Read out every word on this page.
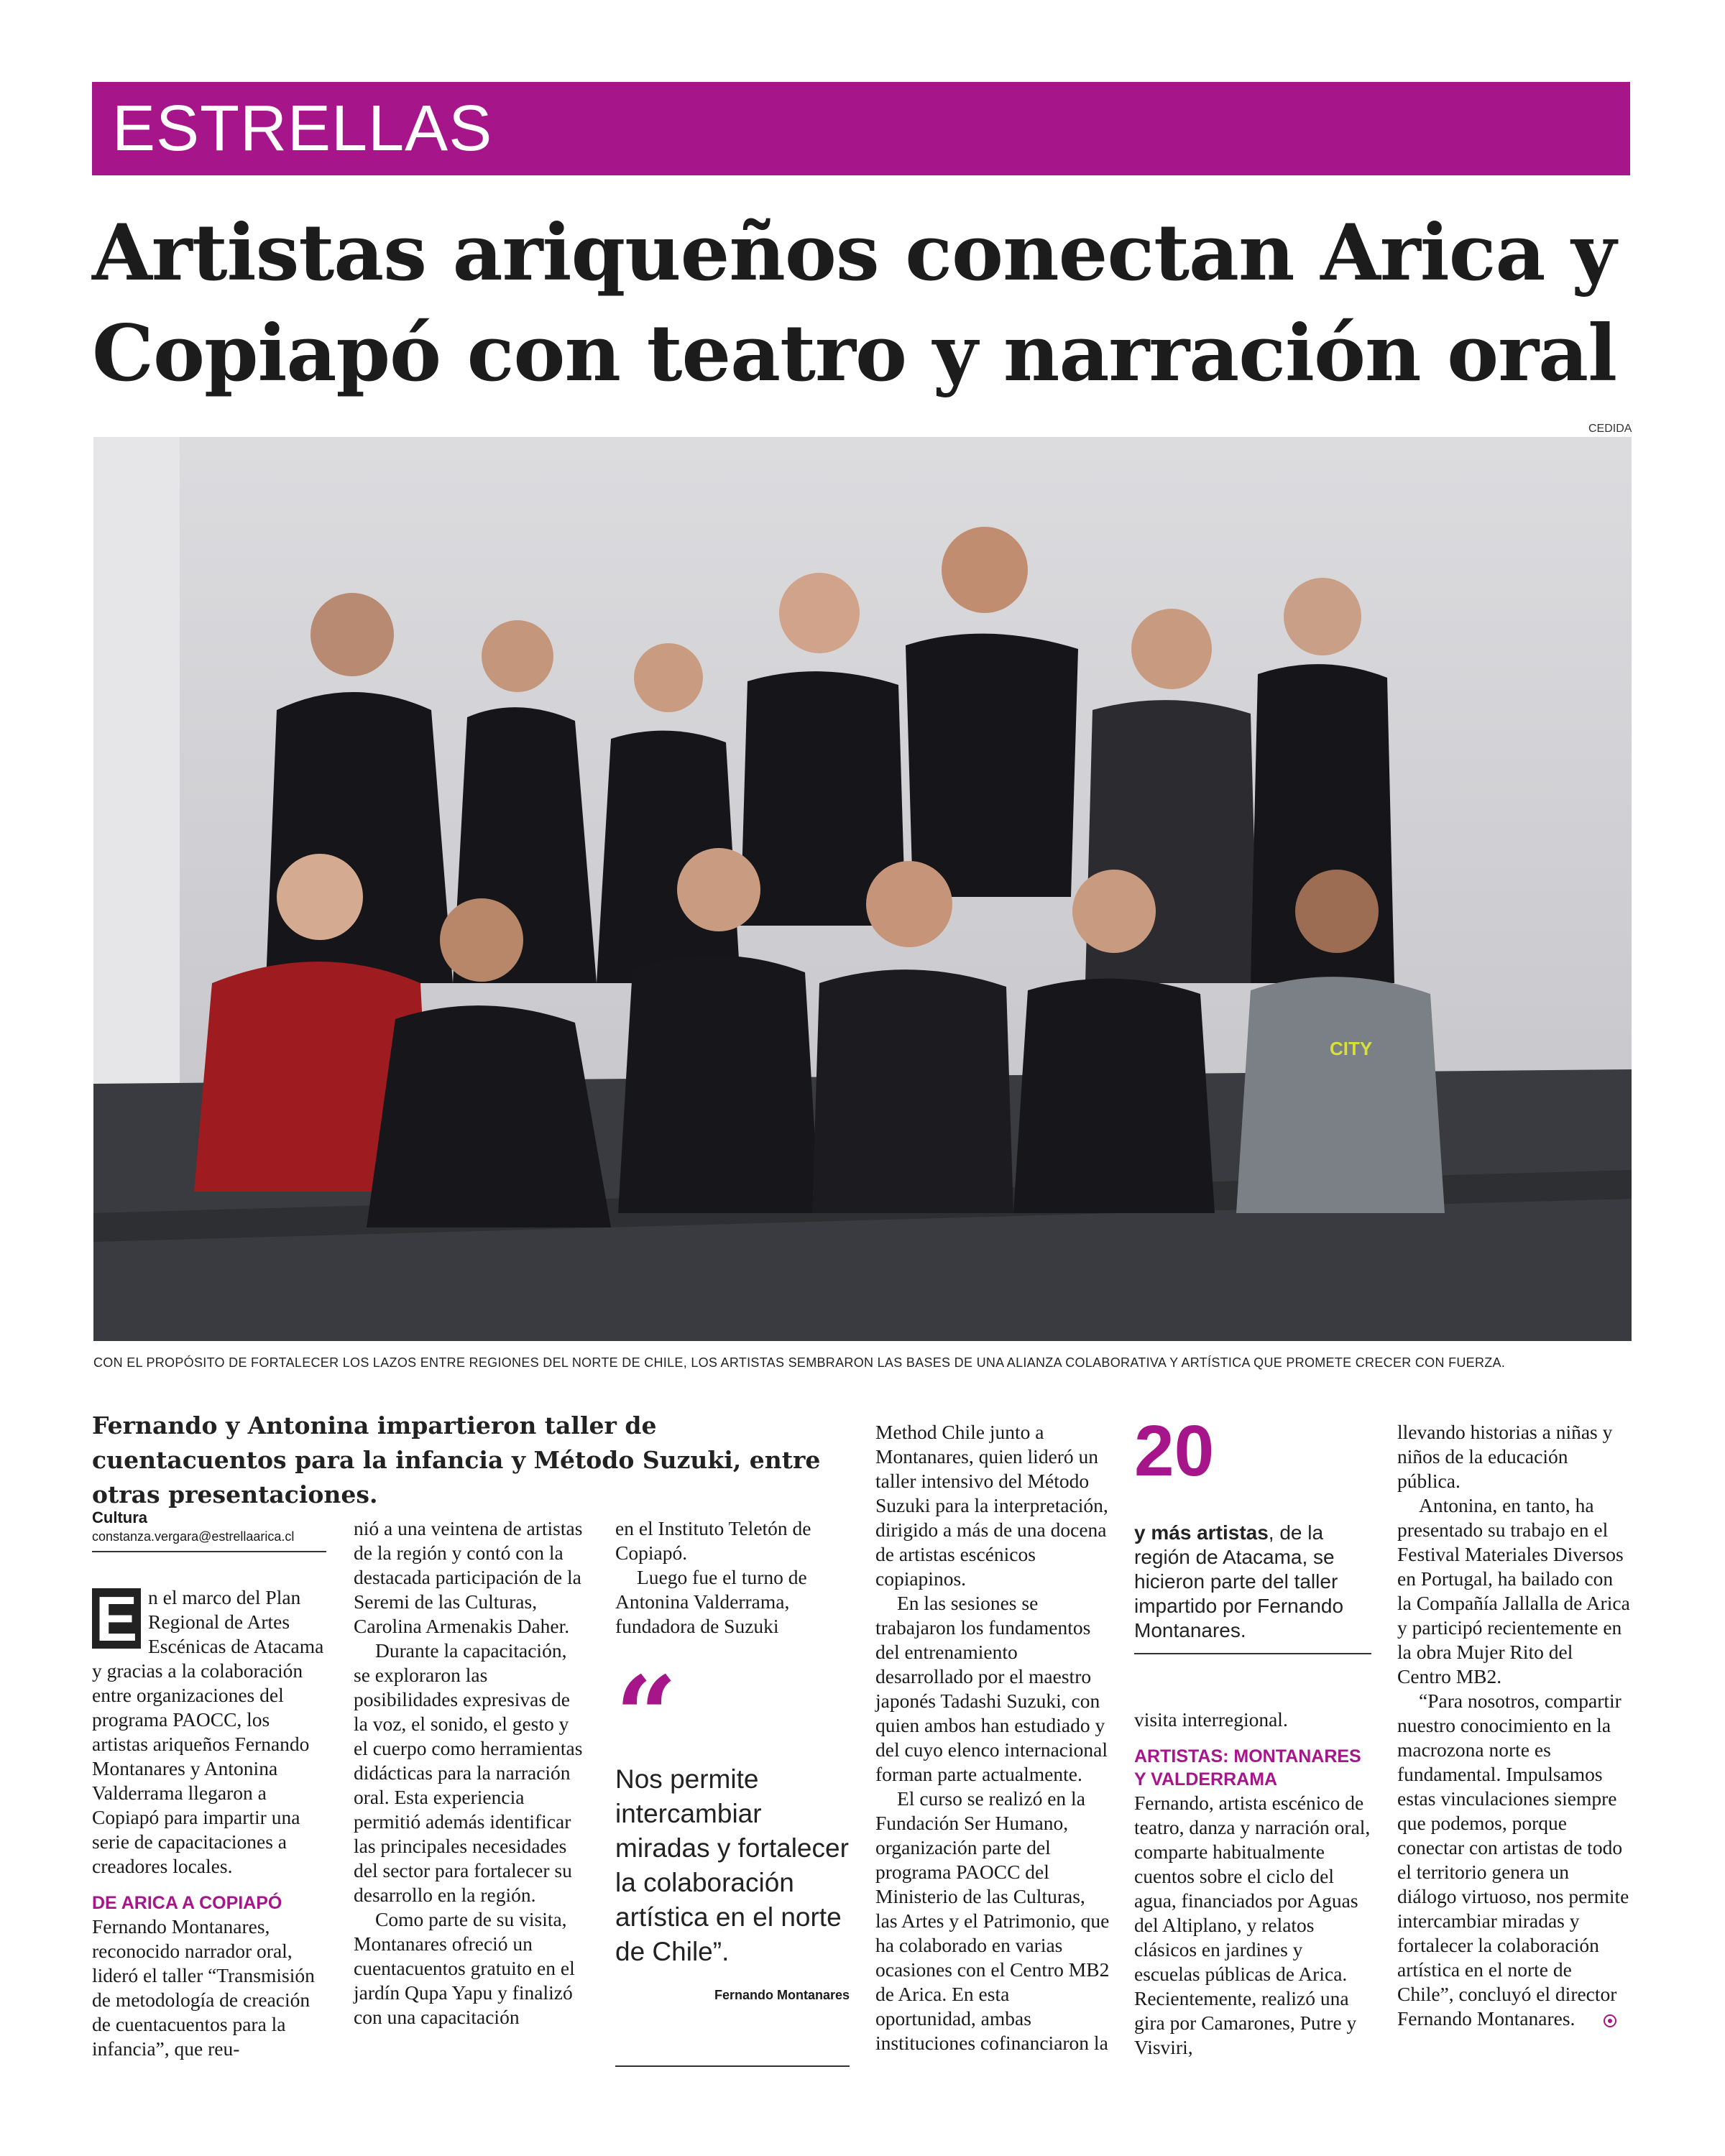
ESTRELLAS
Artistas ariqueños conectan Arica y Copiapó con teatro y narración oral
CEDIDA
CITY
CON EL PROPÓSITO DE FORTALECER LOS LAZOS ENTRE REGIONES DEL NORTE DE CHILE, LOS ARTISTAS SEMBRARON LAS BASES DE UNA ALIANZA COLABORATIVA Y ARTÍSTICA QUE PROMETE CRECER CON FUERZA.
Fernando y Antonina impartieron taller de cuentacuentos para la infancia y Método Suzuki, entre otras presentaciones.
Cultura
constanza.vergara@estrellaarica.cl

E n el marco del Plan Regional de Artes Escénicas de Atacama y gracias a la colaboración entre organizaciones del programa PAOCC, los artistas ariqueños Fernando Montanares y Antonina Valderrama llegaron a Copiapó para impartir una serie de capacitaciones a creadores locales.

DE ARICA A COPIAPÓ

Fernando Montanares, reconocido narrador oral, lideró el taller “Transmisión de metodología de creación de cuentacuentos para la infancia”, que reu-

nió a una veintena de artistas de la región y contó con la destacada participación de la Seremi de las Culturas, Carolina Armenakis Daher.

Durante la capacitación, se exploraron las posibilidades expresivas de la voz, el sonido, el gesto y el cuerpo como herramientas didácticas para la narración oral. Esta experiencia permitió además identificar las principales necesidades del sector para fortalecer su desarrollo en la región.

Como parte de su visita, Montanares ofreció un cuentacuentos gratuito en el jardín Qupa Yapu y finalizó con una capacitación

en el Instituto Teletón de Copiapó.

Luego fue el turno de Antonina Valderrama, fundadora de Suzuki

“
Nos permite intercambiar miradas y fortalecer la colaboración artística en el norte de Chile”.
Fernando Montanares

Method Chile junto a Montanares, quien lideró un taller intensivo del Método Suzuki para la interpretación, dirigido a más de una docena de artistas escénicos copiapinos.

En las sesiones se trabajaron los fundamentos del entrenamiento desarrollado por el maestro japonés Tadashi Suzuki, con quien ambos han estudiado y del cuyo elenco internacional forman parte actualmente.

El curso se realizó en la Fundación Ser Humano, organización parte del programa PAOCC del Ministerio de las Culturas, las Artes y el Patrimonio, que ha colaborado en varias ocasiones con el Centro MB2 de Arica. En esta oportunidad, ambas instituciones cofinanciaron la

20
y más artistas, de la región de Atacama, se hicieron parte del taller impartido por Fernando Montanares.

visita interregional.

ARTISTAS: MONTANARES Y VALDERRAMA

Fernando, artista escénico de teatro, danza y narración oral, comparte habitualmente cuentos sobre el ciclo del agua, financiados por Aguas del Altiplano, y relatos clásicos en jardines y escuelas públicas de Arica. Recientemente, realizó una gira por Camarones, Putre y Visviri,

llevando historias a niñas y niños de la educación pública.

Antonina, en tanto, ha presentado su trabajo en el Festival Materiales Diversos en Portugal, ha bailado con la Compañía Jallalla de Arica y participó recientemente en la obra Mujer Rito del Centro MB2.

“Para nosotros, compartir nuestro conocimiento en la macrozona norte es fundamental. Impulsamos estas vinculaciones siempre que podemos, porque conectar con artistas de todo el territorio genera un diálogo virtuoso, nos permite intercambiar miradas y fortalecer la colaboración artística en el norte de Chile”, concluyó el director Fernando Montanares.
